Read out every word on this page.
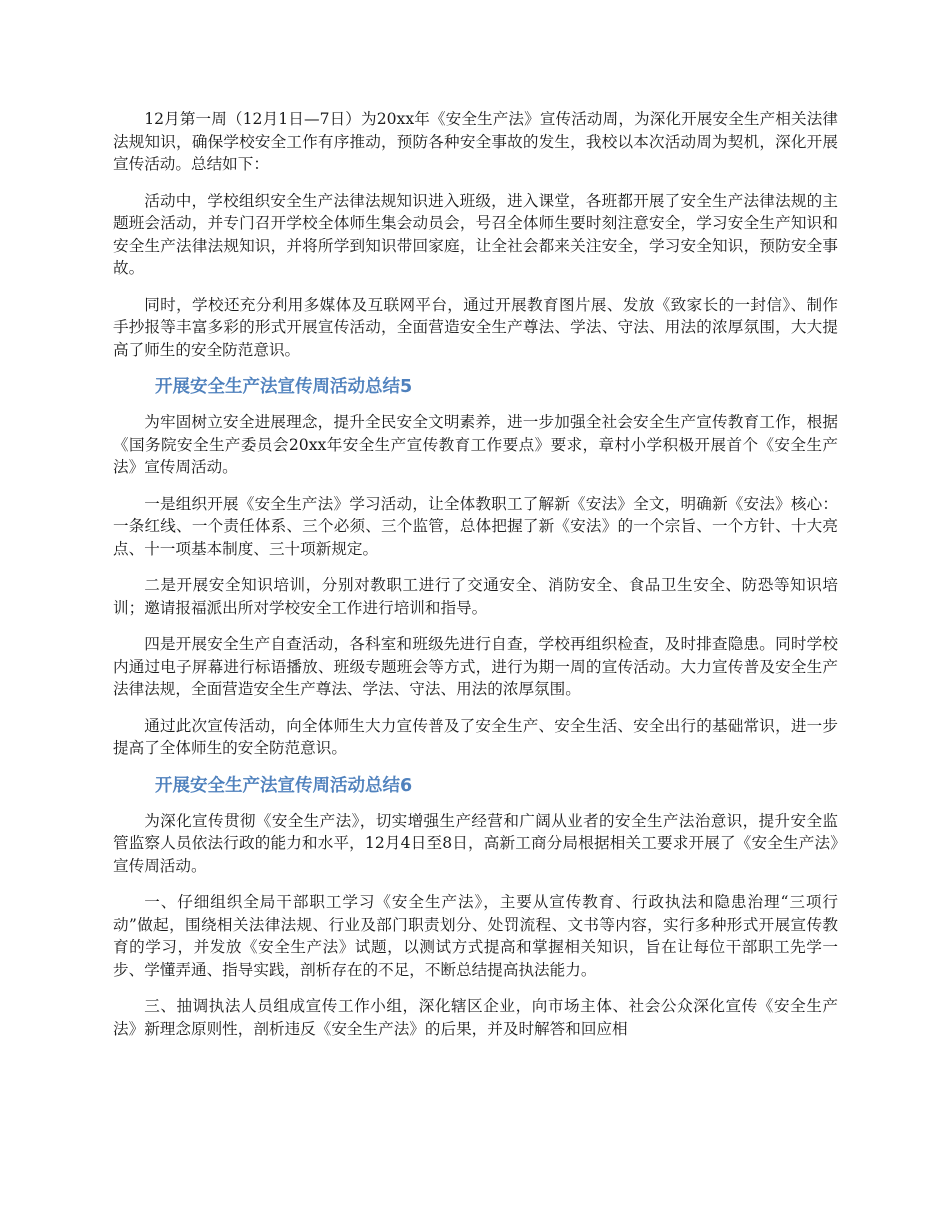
12月第一周（12月1日—7日）为20xx年《安全生产法》宣传活动周，为深化开展安全生产相关法律法规知识，确保学校安全工作有序推动，预防各种安全事故的发生，我校以本次活动周为契机，深化开展宣传活动。总结如下：

活动中，学校组织安全生产法律法规知识进入班级，进入课堂，各班都开展了安全生产法律法规的主题班会活动，并专门召开学校全体师生集会动员会，号召全体师生要时刻注意安全，学习安全生产知识和安全生产法律法规知识，并将所学到知识带回家庭，让全社会都来关注安全，学习安全知识，预防安全事故。

同时，学校还充分利用多媒体及互联网平台，通过开展教育图片展、发放《致家长的一封信》、制作手抄报等丰富多彩的形式开展宣传活动，全面营造安全生产尊法、学法、守法、用法的浓厚氛围，大大提高了师生的安全防范意识。

开展安全生产法宣传周活动总结5

为牢固树立安全进展理念，提升全民安全文明素养，进一步加强全社会安全生产宣传教育工作，根据《国务院安全生产委员会20xx年安全生产宣传教育工作要点》要求，章村小学积极开展首个《安全生产法》宣传周活动。

一是组织开展《安全生产法》学习活动，让全体教职工了解新《安法》全文，明确新《安法》核心：一条红线、一个责任体系、三个必须、三个监管，总体把握了新《安法》的一个宗旨、一个方针、十大亮点、十一项基本制度、三十项新规定。

二是开展安全知识培训，分别对教职工进行了交通安全、消防安全、食品卫生安全、防恐等知识培训；邀请报福派出所对学校安全工作进行培训和指导。

四是开展安全生产自查活动，各科室和班级先进行自查，学校再组织检查，及时排查隐患。同时学校内通过电子屏幕进行标语播放、班级专题班会等方式，进行为期一周的宣传活动。大力宣传普及安全生产法律法规，全面营造安全生产尊法、学法、守法、用法的浓厚氛围。

通过此次宣传活动，向全体师生大力宣传普及了安全生产、安全生活、安全出行的基础常识，进一步提高了全体师生的安全防范意识。

开展安全生产法宣传周活动总结6

为深化宣传贯彻《安全生产法》，切实增强生产经营和广阔从业者的安全生产法治意识，提升安全监管监察人员依法行政的能力和水平，12月4日至8日，高新工商分局根据相关工要求开展了《安全生产法》宣传周活动。

一、仔细组织全局干部职工学习《安全生产法》，主要从宣传教育、行政执法和隐患治理“三项行动”做起，围绕相关法律法规、行业及部门职责划分、处罚流程、文书等内容，实行多种形式开展宣传教育的学习，并发放《安全生产法》试题，以测试方式提高和掌握相关知识，旨在让每位干部职工先学一步、学懂弄通、指导实践，剖析存在的不足，不断总结提高执法能力。

三、抽调执法人员组成宣传工作小组，深化辖区企业，向市场主体、社会公众深化宣传《安全生产法》新理念原则性，剖析违反《安全生产法》的后果，并及时解答和回应相
